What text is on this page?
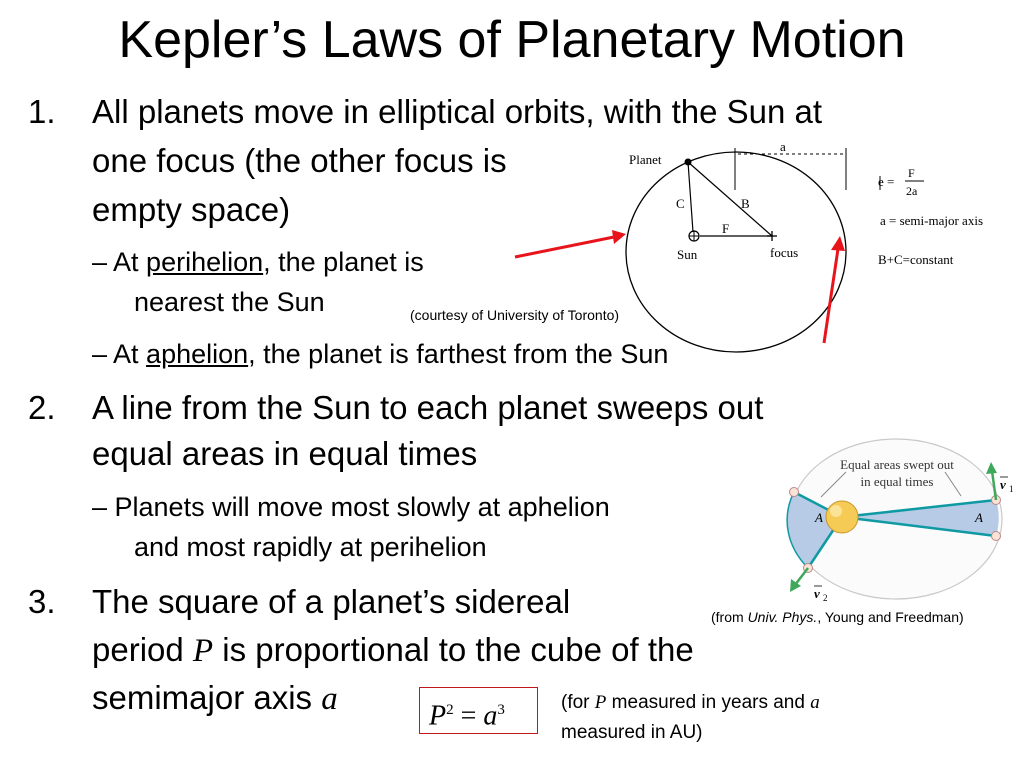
Kepler’s Laws of Planetary Motion
1. All planets move in elliptical orbits, with the Sun at
one focus (the other focus is
empty space)
– At perihelion, the planet is
nearest the Sun	(courtesy of University of Toronto)
– At aphelion, the planet is farthest from the Sun
Planet
Sun	focus
C	B
F
a
e =
F
2a
a = semi-major axis
B+C=constant
2. A line from the Sun to each planet sweeps out
equal areas in equal times
– Planets will move most slowly at aphelion
and most rapidly at perihelion
Equal areas swept out
in equal times
A	A
v 1
v 2
(from Univ. Phys., Young and Freedman)
3. The square of a planet’s sidereal
period P is proportional to the cube of the
semimajor axis a	$P^2 = a^3$	(for P measured in years and a
measured in AU)
